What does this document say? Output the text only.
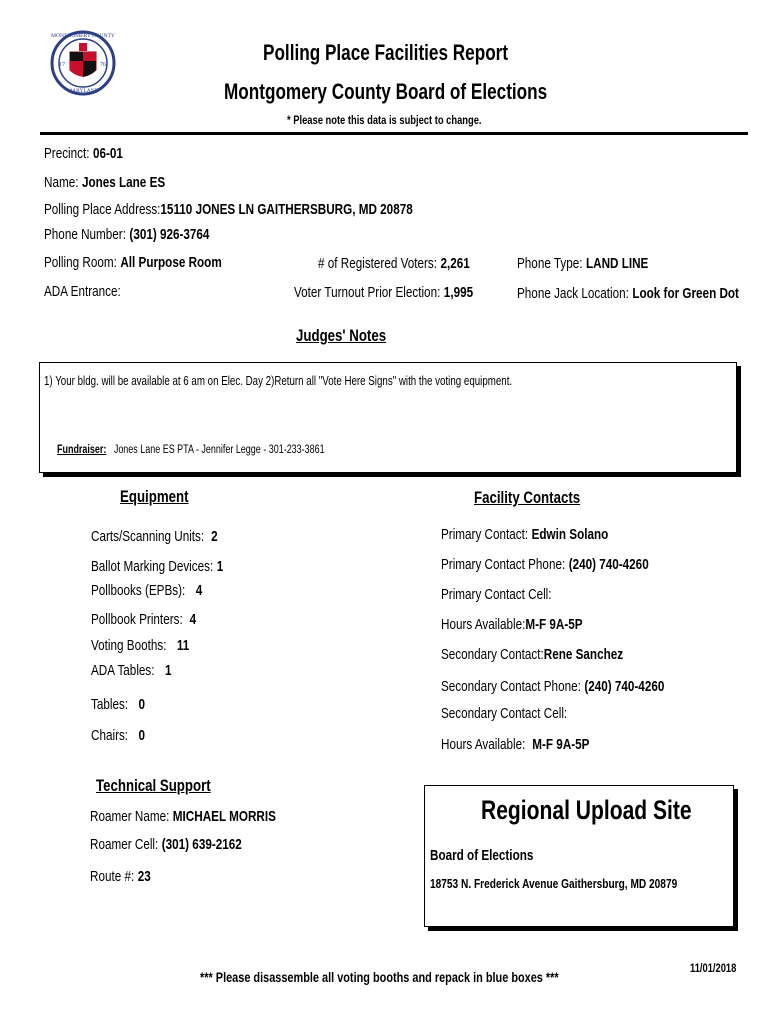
17	76
MONTGOMERY COUNTY
MARYLAND
Polling Place Facilities Report
Montgomery County Board of Elections
* Please note this data is subject to change.
Precinct: 06-01
Name: Jones Lane ES
Polling Place Address:15110 JONES LN GAITHERSBURG, MD 20878
Phone Number: (301) 926-3764
Polling Room: All Purpose Room
ADA Entrance:
# of Registered Voters: 2,261
Voter Turnout Prior Election: 1,995
Phone Type: LAND LINE
Phone Jack Location: Look for Green Dot
Judges' Notes
1) Your bldg. will be available at 6 am on Elec. Day 2)Return all "Vote Here Signs" with the voting equipment.
Fundraiser: Jones Lane ES PTA - Jennifer Legge - 301-233-3861
Equipment
Carts/Scanning Units: 2
Ballot Marking Devices: 1
Pollbooks (EPBs): 4
Pollbook Printers: 4
Voting Booths: 11
ADA Tables: 1
Tables: 0
Chairs: 0
Facility Contacts
Primary Contact: Edwin Solano
Primary Contact Phone: (240) 740-4260
Primary Contact Cell:
Hours Available:M-F 9A-5P
Secondary Contact:Rene Sanchez
Secondary Contact Phone: (240) 740-4260
Secondary Contact Cell:
Hours Available: M-F 9A-5P
Technical Support
Roamer Name: MICHAEL MORRIS
Roamer Cell: (301) 639-2162
Route #: 23
Regional Upload Site
Board of Elections
18753 N. Frederick Avenue Gaithersburg, MD 20879
11/01/2018
*** Please disassemble all voting booths and repack in blue boxes ***
